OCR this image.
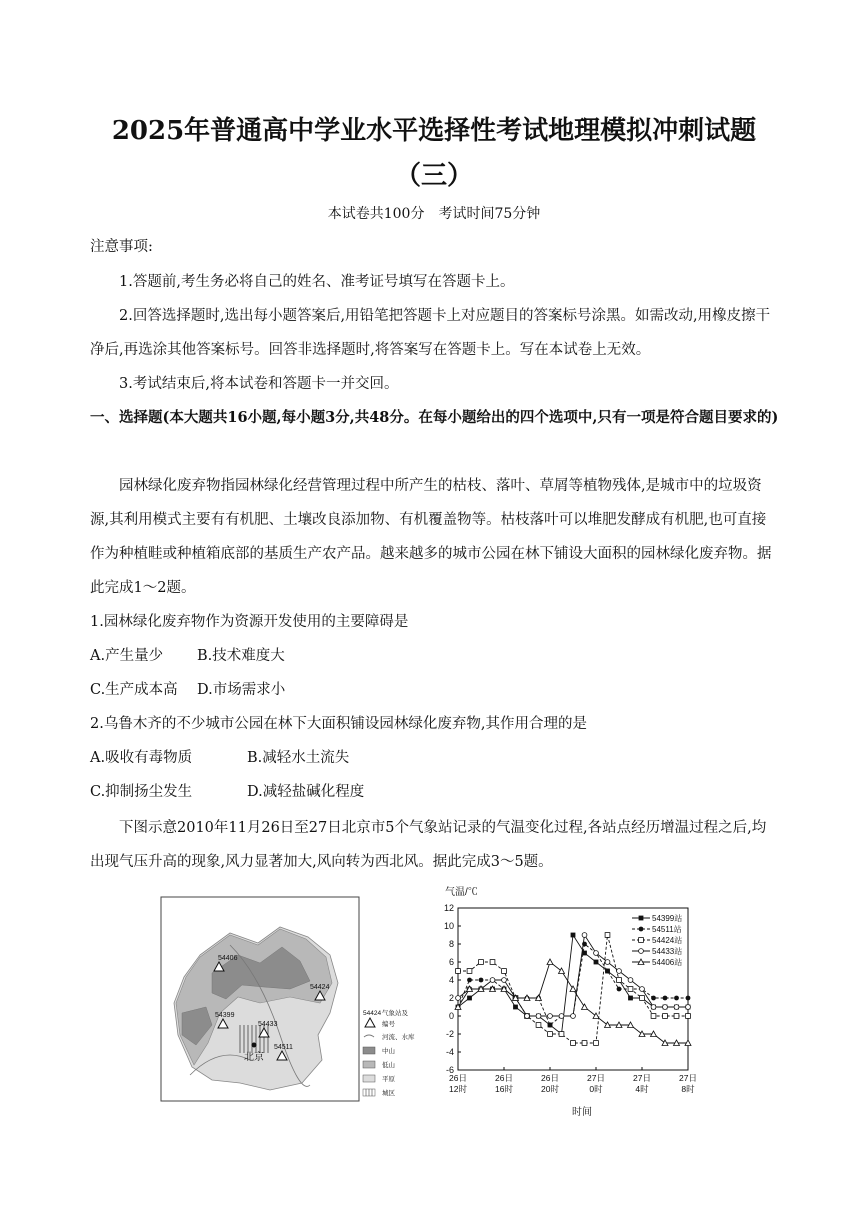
2025年普通高中学业水平选择性考试地理模拟冲刺试题
（三）
本试卷共100分　考试时间75分钟
注意事项:
1.答题前,考生务必将自己的姓名、准考证号填写在答题卡上。
2.回答选择题时,选出每小题答案后,用铅笔把答题卡上对应题目的答案标号涂黑。如需改动,用橡皮擦干净后,再选涂其他答案标号。回答非选择题时,将答案写在答题卡上。写在本试卷上无效。
3.考试结束后,将本试卷和答题卡一并交回。
一、选择题(本大题共16小题,每小题3分,共48分。在每小题给出的四个选项中,只有一项是符合题目要求的)
园林绿化废弃物指园林绿化经营管理过程中所产生的枯枝、落叶、草屑等植物残体,是城市中的垃圾资源,其利用模式主要有有机肥、土壤改良添加物、有机覆盖物等。枯枝落叶可以堆肥发酵成有机肥,也可直接作为种植畦或种植箱底部的基质生产农产品。越来越多的城市公园在林下铺设大面积的园林绿化废弃物。据此完成1～2题。
1.园林绿化废弃物作为资源开发使用的主要障碍是
A.产生量少 B.技术难度大
C.生产成本高 D.市场需求小
2.乌鲁木齐的不少城市公园在林下大面积铺设园林绿化废弃物,其作用合理的是
A.吸收有毒物质	B.减轻水土流失
C.抑制扬尘发生	D.减轻盐碱化程度
下图示意2010年11月26日至27日北京市5个气象站记录的气温变化过程,各站点经历增温过程之后,均出现气压升高的现象,风力显著加大,风向转为西北风。据此完成3～5题。
54406
54424
54399
54433
54511
北京
54424 气象站及
编号
河流、水库
中山
低山
平原
城区
气温/℃
时间
-6
-4
-2
0
2
4
6
8
10
12
26日
12时
26日
16时
26日
20时
27日
0时
27日
4时
27日
8时
54399站
54511站
54424站
54433站
54406站
